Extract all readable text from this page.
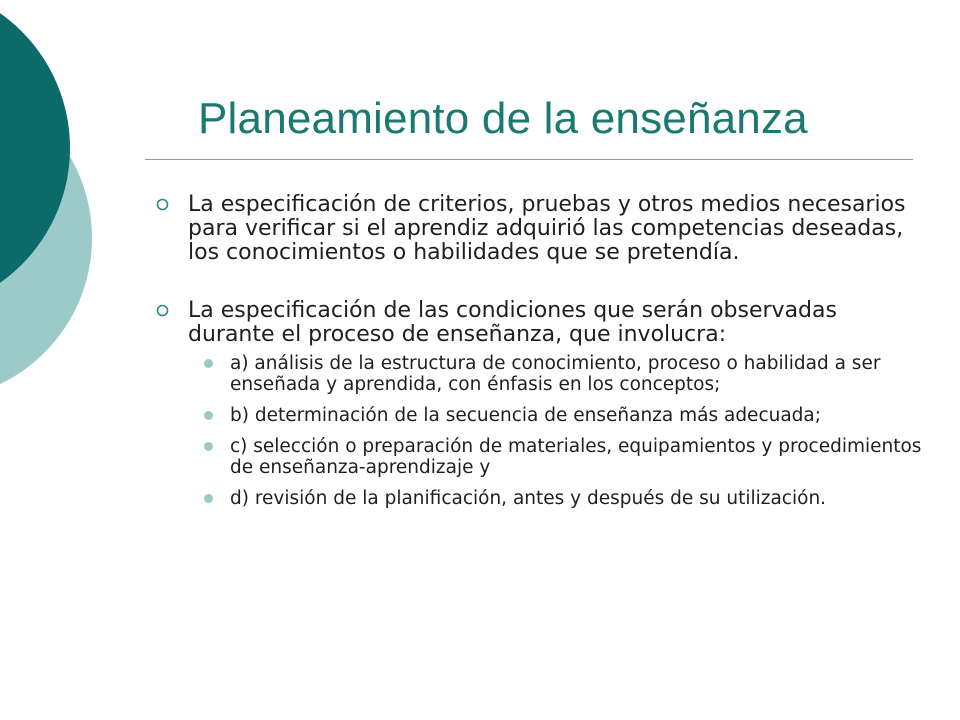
Planeamiento de la enseñanza
La especificación de criterios, pruebas y otros medios necesarios para verificar si el aprendiz adquirió las competencias deseadas, los conocimientos o habilidades que se pretendía.
La especificación de las condiciones que serán observadas durante el proceso de enseñanza, que involucra:
a) análisis de la estructura de conocimiento, proceso o habilidad a ser enseñada y aprendida, con énfasis en los conceptos;
b) determinación de la secuencia de enseñanza más adecuada;
c) selección o preparación de materiales, equipamientos y procedimientos de enseñanza-aprendizaje y
d) revisión de la planificación, antes y después de su utilización.
